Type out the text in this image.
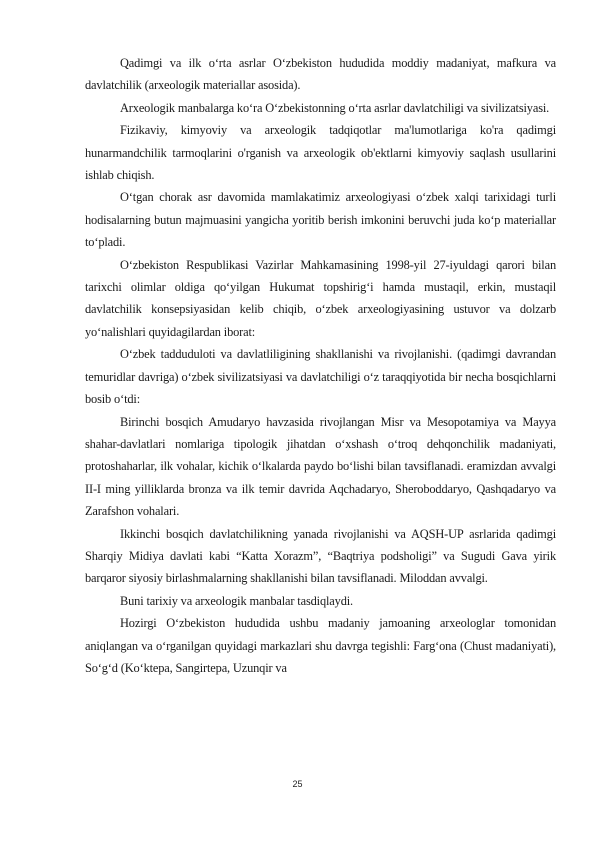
Qadimgi va ilk o‘rta asrlar O‘zbekiston hududida moddiy madaniyat, mafkura va davlatchilik (arxeologik materiallar asosida).

Arxeologik manbalarga ko‘ra O‘zbekistonning o‘rta asrlar davlatchiligi va sivilizatsiyasi.

Fizikaviy, kimyoviy va arxeologik tadqiqotlar ma'lumotlariga ko'ra qadimgi hunarmandchilik tarmoqlarini o'rganish va arxeologik ob'ektlarni kimyoviy saqlash usullarini ishlab chiqish.

O‘tgan chorak asr davomida mamlakatimiz arxeologiyasi o‘zbek xalqi tarixidagi turli hodisalarning butun majmuasini yangicha yoritib berish imkonini beruvchi juda ko‘p materiallar to‘pladi.

O‘zbekiston Respublikasi Vazirlar Mahkamasining 1998-yil 27-iyuldagi qarori bilan tarixchi olimlar oldiga qo‘yilgan Hukumat topshirig‘i hamda mustaqil, erkin, mustaqil davlatchilik konsepsiyasidan kelib chiqib, o‘zbek arxeologiyasining ustuvor va dolzarb yo‘nalishlari quyidagilardan iborat:

O‘zbek tadduduloti va davlatliligining shakllanishi va rivojlanishi. (qadimgi davrandan temuridlar davriga) o‘zbek sivilizatsiyasi va davlatchiligi o‘z taraqqiyotida bir necha bosqichlarni bosib o‘tdi:

Birinchi bosqich Amudaryo havzasida rivojlangan Misr va Mesopotamiya va Mayya shahar-davlatlari nomlariga tipologik jihatdan o‘xshash o‘troq dehqonchilik madaniyati, protoshaharlar, ilk vohalar, kichik o‘lkalarda paydo bo‘lishi bilan tavsiflanadi. eramizdan avvalgi II-I ming yilliklarda bronza va ilk temir davrida Aqchadaryo, Sheroboddaryo, Qashqadaryo va Zarafshon vohalari.

Ikkinchi bosqich davlatchilikning yanada rivojlanishi va AQSH-UP asrlarida qadimgi Sharqiy Midiya davlati kabi “Katta Xorazm”, “Baqtriya podsholigi” va Sugudi Gava yirik barqaror siyosiy birlashmalarning shakllanishi bilan tavsiflanadi. Miloddan avvalgi.

Buni tarixiy va arxeologik manbalar tasdiqlaydi.

Hozirgi O‘zbekiston hududida ushbu madaniy jamoaning arxeologlar tomonidan aniqlangan va o‘rganilgan quyidagi markazlari shu davrga tegishli: Farg‘ona (Chust madaniyati), So‘g‘d (Ko‘ktepa, Sangirtepa, Uzunqir va

25
